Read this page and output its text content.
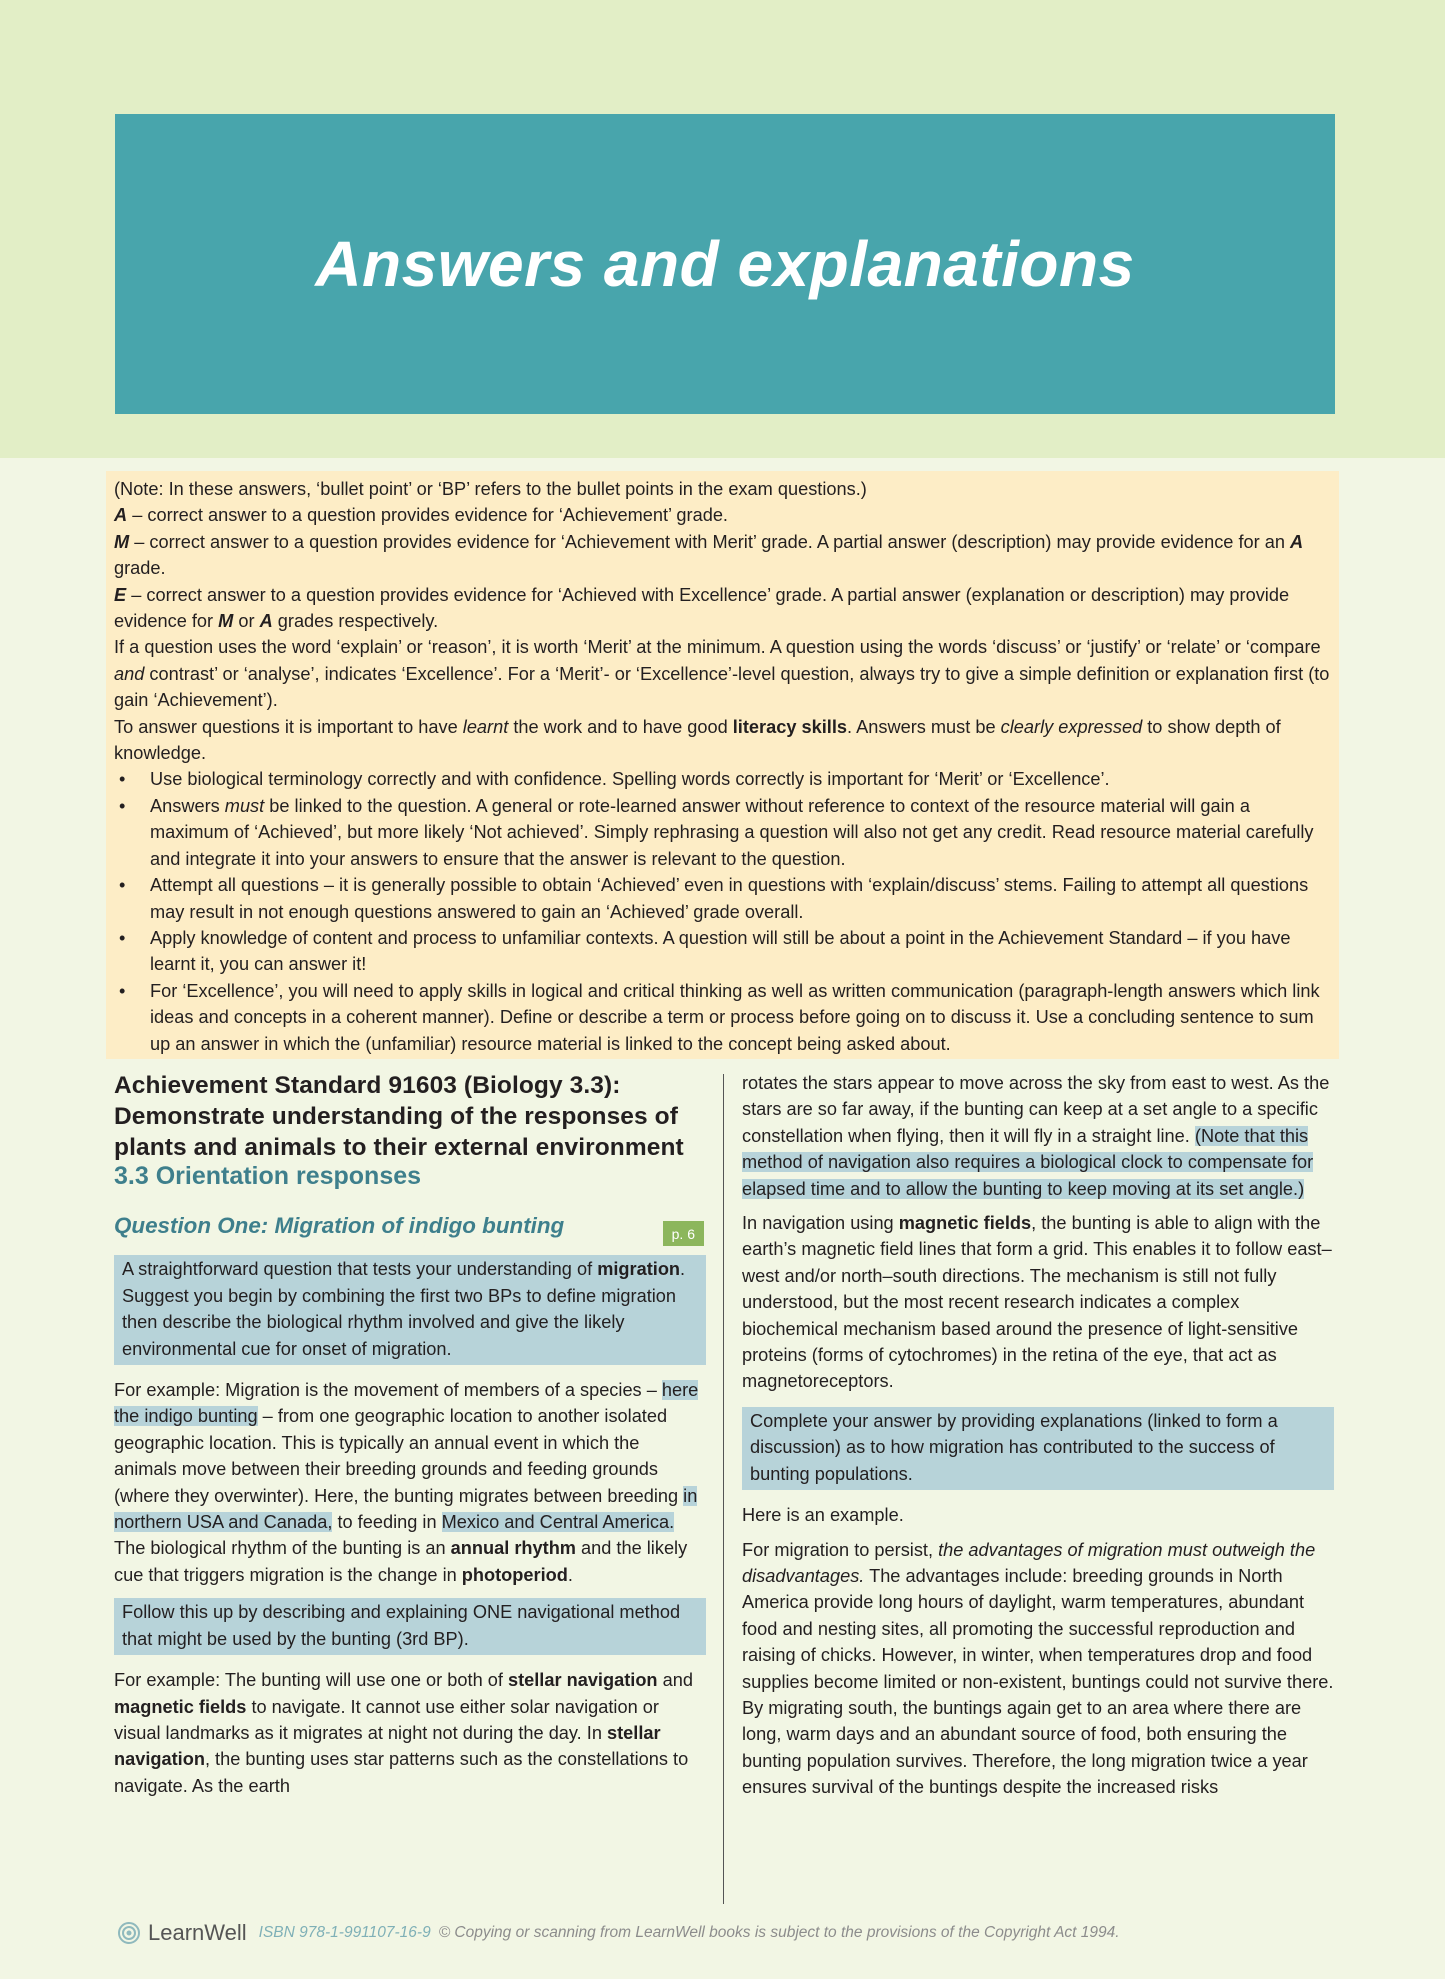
Answers and explanations

(Note: In these answers, ‘bullet point’ or ‘BP’ refers to the bullet points in the exam questions.)

A – correct answer to a question provides evidence for ‘Achievement’ grade.

M – correct answer to a question provides evidence for ‘Achievement with Merit’ grade. A partial answer (description) may provide evidence for an A grade.

E – correct answer to a question provides evidence for ‘Achieved with Excellence’ grade. A partial answer (explanation or description) may provide evidence for M or A grades respectively.

If a question uses the word ‘explain’ or ‘reason’, it is worth ‘Merit’ at the minimum. A question using the words ‘discuss’ or ‘justify’ or ‘relate’ or ‘compare and contrast’ or ‘analyse’, indicates ‘Excellence’. For a ‘Merit’- or ‘Excellence’-level question, always try to give a simple definition or explanation first (to gain ‘Achievement’).

To answer questions it is important to have learnt the work and to have good literacy skills. Answers must be clearly expressed to show depth of knowledge.

• Use biological terminology correctly and with confidence. Spelling words correctly is important for ‘Merit’ or ‘Excellence’.
• Answers must be linked to the question. A general or rote-learned answer without reference to context of the resource material will gain a maximum of ‘Achieved’, but more likely ‘Not achieved’. Simply rephrasing a question will also not get any credit. Read resource material carefully and integrate it into your answers to ensure that the answer is relevant to the question.
• Attempt all questions – it is generally possible to obtain ‘Achieved’ even in questions with ‘explain/discuss’ stems. Failing to attempt all questions may result in not enough questions answered to gain an ‘Achieved’ grade overall.
• Apply knowledge of content and process to unfamiliar contexts. A question will still be about a point in the Achievement Standard – if you have learnt it, you can answer it!
• For ‘Excellence’, you will need to apply skills in logical and critical thinking as well as written communication (paragraph-length answers which link ideas and concepts in a coherent manner). Define or describe a term or process before going on to discuss it. Use a concluding sentence to sum up an answer in which the (unfamiliar) resource material is linked to the concept being asked about.

Achievement Standard 91603 (Biology 3.3): Demonstrate understanding of the responses of plants and animals to their external environment

3.3 Orientation responses

Question One: Migration of indigo bunting	p. 6

A straightforward question that tests your understanding of migration. Suggest you begin by combining the first two BPs to define migration then describe the biological rhythm involved and give the likely environmental cue for onset of migration.

For example: Migration is the movement of members of a species – here the indigo bunting – from one geographic location to another isolated geographic location. This is typically an annual event in which the animals move between their breeding grounds and feeding grounds (where they overwinter). Here, the bunting migrates between breeding in northern USA and Canada, to feeding in Mexico and Central America. The biological rhythm of the bunting is an annual rhythm and the likely cue that triggers migration is the change in photoperiod.

Follow this up by describing and explaining ONE navigational method that might be used by the bunting (3rd BP).

For example: The bunting will use one or both of stellar navigation and magnetic fields to navigate. It cannot use either solar navigation or visual landmarks as it migrates at night not during the day. In stellar navigation, the bunting uses star patterns such as the constellations to navigate. As the earth

rotates the stars appear to move across the sky from east to west. As the stars are so far away, if the bunting can keep at a set angle to a specific constellation when flying, then it will fly in a straight line. (Note that this method of navigation also requires a biological clock to compensate for elapsed time and to allow the bunting to keep moving at its set angle.)

In navigation using magnetic fields, the bunting is able to align with the earth’s magnetic field lines that form a grid. This enables it to follow east–west and/or north–south directions. The mechanism is still not fully understood, but the most recent research indicates a complex biochemical mechanism based around the presence of light-sensitive proteins (forms of cytochromes) in the retina of the eye, that act as magnetoreceptors.

Complete your answer by providing explanations (linked to form a discussion) as to how migration has contributed to the success of bunting populations.

Here is an example.

For migration to persist, the advantages of migration must outweigh the disadvantages. The advantages include: breeding grounds in North America provide long hours of daylight, warm temperatures, abundant food and nesting sites, all promoting the successful reproduction and raising of chicks. However, in winter, when temperatures drop and food supplies become limited or non-existent, buntings could not survive there. By migrating south, the buntings again get to an area where there are long, warm days and an abundant source of food, both ensuring the bunting population survives. Therefore, the long migration twice a year ensures survival of the buntings despite the increased risks

LearnWell ISBN 978-1-991107-16-9 © Copying or scanning from LearnWell books is subject to the provisions of the Copyright Act 1994.
